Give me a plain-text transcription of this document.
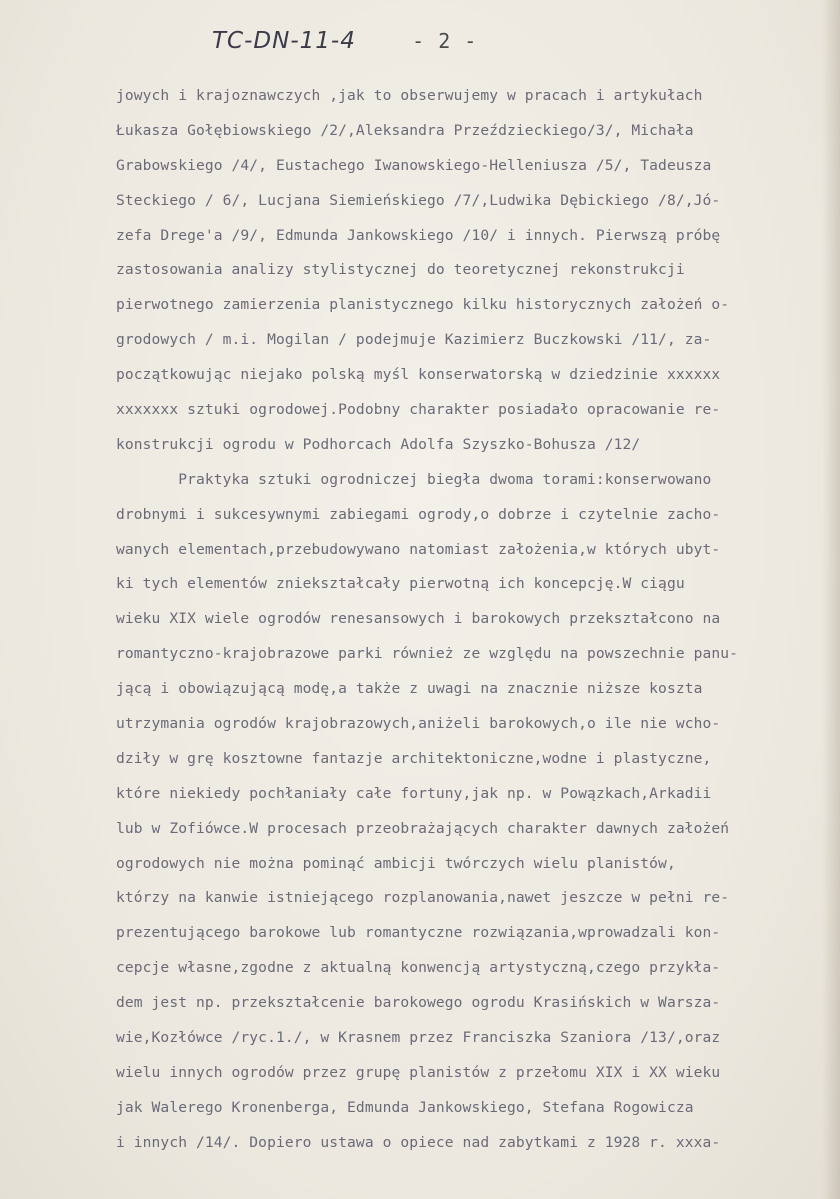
TC-DN-11-4	- 2 -
jowych i krajoznawczych ,jak to obserwujemy w pracach i artykułach
Łukasza Gołębiowskiego /2/,Aleksandra Przeździeckiego/3/, Michała
Grabowskiego /4/, Eustachego Iwanowskiego-Helleniusza /5/, Tadeusza
Steckiego / 6/, Lucjana Siemieńskiego /7/,Ludwika Dębickiego /8/,Jó-
zefa Drege'a /9/, Edmunda Jankowskiego /10/ i innych. Pierwszą próbę
zastosowania analizy stylistycznej do teoretycznej rekonstrukcji
pierwotnego zamierzenia planistycznego kilku historycznych założeń o-
grodowych / m.i. Mogilan / podejmuje Kazimierz Buczkowski /11/, za-
początkowując niejako polską myśl konserwatorską w dziedzinie xxxxxx
xxxxxxx sztuki ogrodowej.Podobny charakter posiadało opracowanie re-
konstrukcji ogrodu w Podhorcach Adolfa Szyszko-Bohusza /12/
Praktyka sztuki ogrodniczej biegła dwoma torami:konserwowano
drobnymi i sukcesywnymi zabiegami ogrody,o dobrze i czytelnie zacho-
wanych elementach,przebudowywano natomiast założenia,w których ubyt-
ki tych elementów zniekształcały pierwotną ich koncepcję.W ciągu
wieku XIX wiele ogrodów renesansowych i barokowych przekształcono na
romantyczno-krajobrazowe parki również ze względu na powszechnie panu-
jącą i obowiązującą modę,a także z uwagi na znacznie niższe koszta
utrzymania ogrodów krajobrazowych,aniżeli barokowych,o ile nie wcho-
dziły w grę kosztowne fantazje architektoniczne,wodne i plastyczne,
które niekiedy pochłaniały całe fortuny,jak np. w Powązkach,Arkadii
lub w Zofiówce.W procesach przeobrażających charakter dawnych założeń
ogrodowych nie można pominąć ambicji twórczych wielu planistów,
którzy na kanwie istniejącego rozplanowania,nawet jeszcze w pełni re-
prezentującego barokowe lub romantyczne rozwiązania,wprowadzali kon-
cepcje własne,zgodne z aktualną konwencją artystyczną,czego przykła-
dem jest np. przekształcenie barokowego ogrodu Krasińskich w Warsza-
wie,Kozłówce /ryc.1./, w Krasnem przez Franciszka Szaniora /13/,oraz
wielu innych ogrodów przez grupę planistów z przełomu XIX i XX wieku
jak Walerego Kronenberga, Edmunda Jankowskiego, Stefana Rogowicza
i innych /14/. Dopiero ustawa o opiece nad zabytkami z 1928 r. xxxa-
